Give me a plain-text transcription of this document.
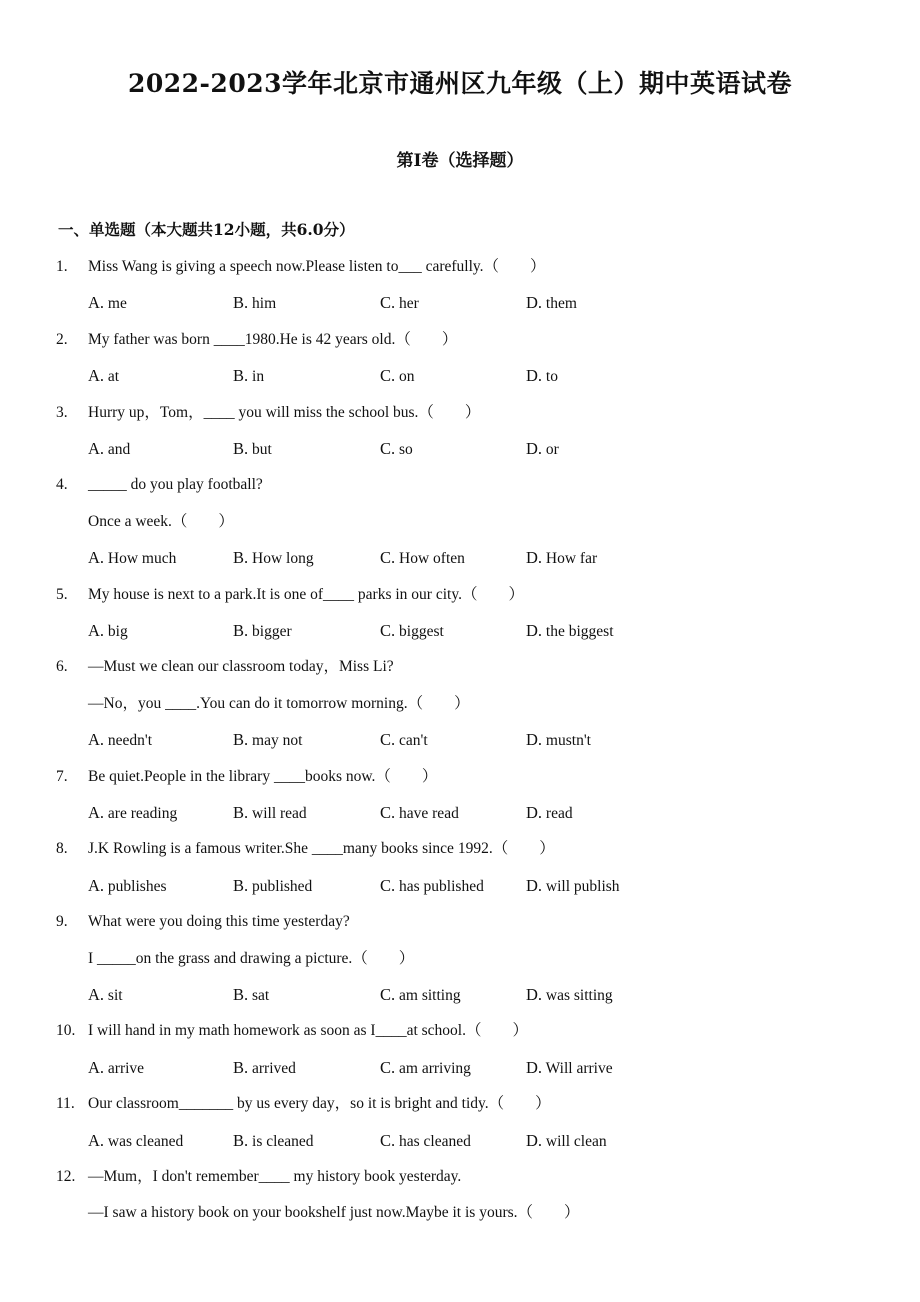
2022-2023学年北京市通州区九年级（上）期中英语试卷
第I卷（选择题）
一、单选题（本大题共12小题，共6.0分）
1. Miss Wang is giving a speech now.Please listen to___ carefully.（　　）
A. me	B. him	C. her	D. them
2. My father was born ____1980.He is 42 years old.（　　）
A. at	B. in	C. on	D. to
3. Hurry up，Tom，____ you will miss the school bus.（　　）
A. and	B. but	C. so	D. or
4. _____ do you play football?
Once a week.（　　）
A. How much	B. How long	C. How often	D. How far
5. My house is next to a park.It is one of____ parks in our city.（　　）
A. big	B. bigger	C. biggest	D. the biggest
6. —Must we clean our classroom today，Miss Li?
—No，you ____.You can do it tomorrow morning.（　　）
A. needn't	B. may not	C. can't	D. mustn't
7. Be quiet.People in the library ____books now.（　　）
A. are reading	B. will read	C. have read	D. read
8. J.K Rowling is a famous writer.She ____many books since 1992.（　　）
A. publishes	B. published	C. has published	D. will publish
9. What were you doing this time yesterday?
I _____on the grass and drawing a picture.（　　）
A. sit	B. sat	C. am sitting	D. was sitting
10. I will hand in my math homework as soon as I____at school.（　　）
A. arrive	B. arrived	C. am arriving	D. Will arrive
11. Our classroom_______ by us every day，so it is bright and tidy.（　　）
A. was cleaned	B. is cleaned	C. has cleaned	D. will clean
12. —Mum，I don't remember____ my history book yesterday.
—I saw a history book on your bookshelf just now.Maybe it is yours.（　　）
